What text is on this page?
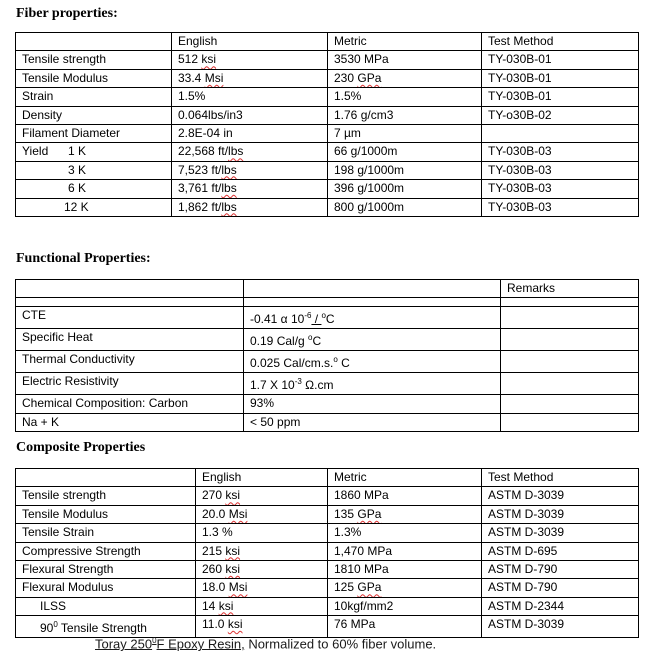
Fiber properties:
	English	Metric	Test Method
Tensile strength	512 ksi	3530 MPa	TY-030B-01
Tensile Modulus	33.4 Msi	230 GPa	TY-030B-01
Strain	1.5%	1.5%	TY-030B-01
Density	0.064lbs/in3	1.76 g/cm3	TY-o30B-02
Filament Diameter	2.8E-04 in	7 µm	
Yield 1 K	22,568 ft/lbs	66 g/1000m	TY-030B-03
3 K	7,523 ft/lbs	198 g/1000m	TY-030B-03
6 K	3,761 ft/lbs	396 g/1000m	TY-030B-03
12 K	1,862 ft/lbs	800 g/1000m	TY-030B-03
Functional Properties:
		Remarks

CTE	-0.41 α $10^{-6} / ^oC$	
Specific Heat	0.19 Cal/g $^o$C	
Thermal Conductivity	0.025 Cal/cm.s.$^o$ C	
Electric Resistivity	1.7 X $10^{-3}$ Ω.cm	
Chemical Composition: Carbon	93%	
Na + K	< 50 ppm	
Composite Properties
	English	Metric	Test Method
Tensile strength	270 ksi	1860 MPa	ASTM D-3039
Tensile Modulus	20.0 Msi	135 GPa	ASTM D-3039
Tensile Strain	1.3 %	1.3%	ASTM D-3039
Compressive Strength	215 ksi	1,470 MPa	ASTM D-695
Flexural Strength	260 ksi	1810 MPa	ASTM D-790
Flexural Modulus	18.0 Msi	125 GPa	ASTM D-790
ILSS	14 ksi	10kgf/mm2	ASTM D-2344
$90^0$ Tensile Strength	11.0 ksi	76 MPa	ASTM D-3039
Toray $250^0F$ Epoxy Resin, Normalized to 60% fiber volume.
